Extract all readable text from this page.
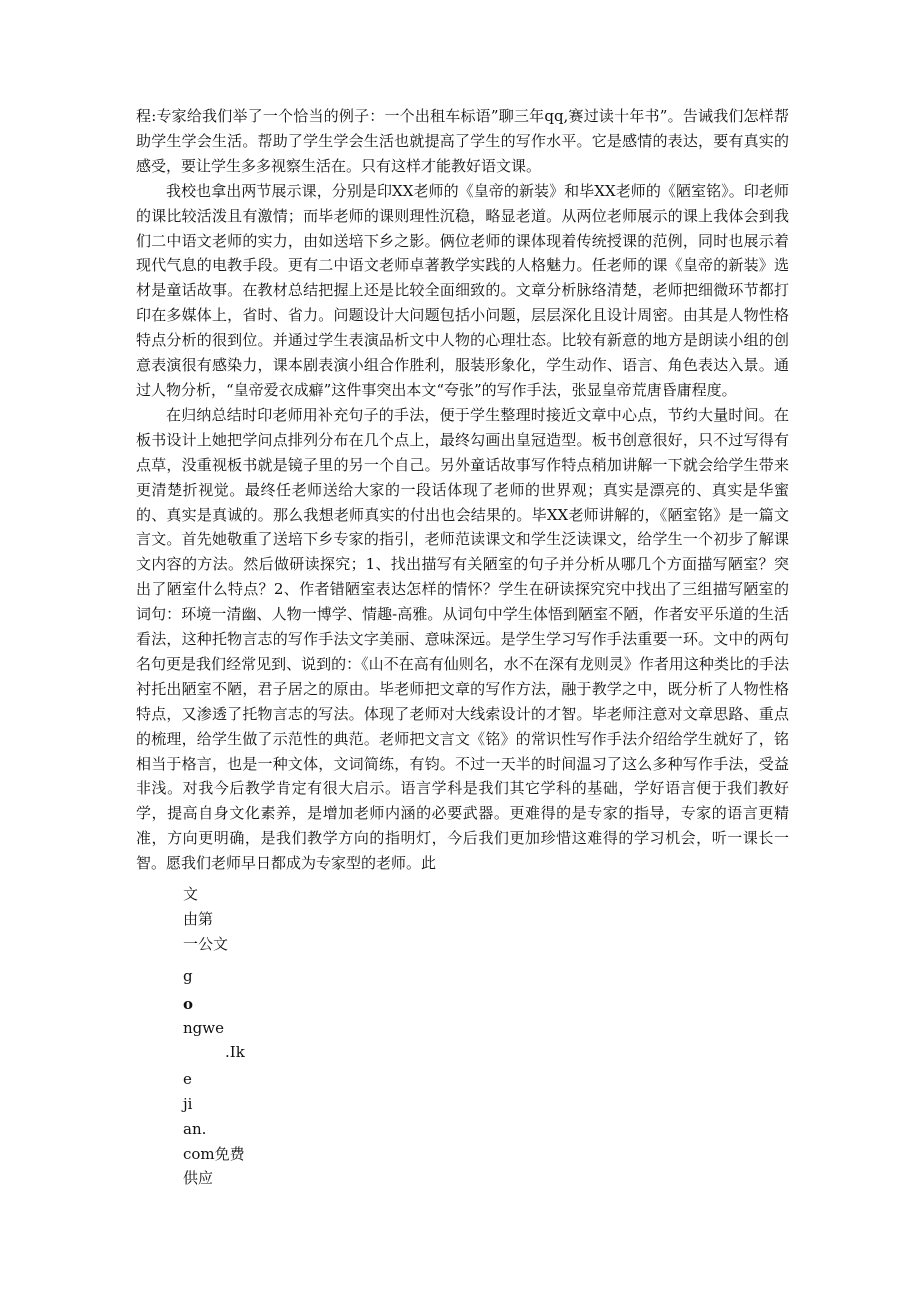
程:专家给我们举了一个恰当的例子：一个出租车标语”聊三年qq,赛过读十年书”。告诫我们怎样帮助学生学会生活。帮助了学生学会生活也就提高了学生的写作水平。它是感情的表达，要有真实的感受，要让学生多多视察生活在。只有这样才能教好语文课。

我校也拿出两节展示课，分别是印XX老师的《皇帝的新装》和毕XX老师的《陋室铭》。印老师的课比较活泼且有激情；而毕老师的课则理性沉稳，略显老道。从两位老师展示的课上我体会到我们二中语文老师的实力，由如送培下乡之影。俩位老师的课体现着传统授课的范例，同时也展示着现代气息的电教手段。更有二中语文老师卓著教学实践的人格魅力。任老师的课《皇帝的新装》选材是童话故事。在教材总结把握上还是比较全面细致的。文章分析脉络清楚，老师把细微环节都打印在多媒体上，省时、省力。问题设计大问题包括小问题，层层深化且设计周密。由其是人物性格特点分析的很到位。并通过学生表演品析文中人物的心理壮态。比较有新意的地方是朗读小组的创意表演很有感染力，课本剧表演小组合作胜利，服装形象化，学生动作、语言、角色表达入景。通过人物分析，“皇帝爱衣成癖”这件事突出本文“夸张”的写作手法，张显皇帝荒唐昏庸程度。

在归纳总结时印老师用补充句子的手法，便于学生整理时接近文章中心点，节约大量时间。在板书设计上她把学问点排列分布在几个点上，最终勾画出皇冠造型。板书创意很好，只不过写得有点草，没重视板书就是镜子里的另一个自己。另外童话故事写作特点稍加讲解一下就会给学生带来更清楚折视觉。最终任老师送给大家的一段话体现了老师的世界观；真实是漂亮的、真实是华蜜的、真实是真诚的。那么我想老师真实的付出也会结果的。毕XX老师讲解的，《陋室铭》是一篇文言文。首先她敬重了送培下乡专家的指引，老师范读课文和学生泛读课文，给学生一个初步了解课文内容的方法。然后做研读探究；1、找出描写有关陋室的句子并分析从哪几个方面描写陋室？突出了陋室什么特点？2、作者错陋室表达怎样的情怀？学生在研读探究究中找出了三组描写陋室的词句：环境一清幽、人物一博学、情趣-高雅。从词句中学生体悟到陋室不陋，作者安平乐道的生活看法，这种托物言志的写作手法文字美丽、意味深远。是学生学习写作手法重要一环。文中的两句名句更是我们经常见到、说到的：《山不在高有仙则名，水不在深有龙则灵》作者用这种类比的手法衬托出陋室不陋，君子居之的原由。毕老师把文章的写作方法，融于教学之中，既分析了人物性格特点，又渗透了托物言志的写法。体现了老师对大线索设计的才智。毕老师注意对文章思路、重点的梳理，给学生做了示范性的典范。老师把文言文《铭》的常识性写作手法介绍给学生就好了，铭相当于格言，也是一种文体，文词简练，有钧。不过一天半的时间温习了这么多种写作手法，受益非浅。对我今后教学肯定有很大启示。语言学科是我们其它学科的基础，学好语言便于我们教好学，提高自身文化素养，是增加老师内涵的必要武器。更难得的是专家的指导，专家的语言更精准，方向更明确，是我们教学方向的指明灯，今后我们更加珍惜这难得的学习机会，听一课长一智。愿我们老师早日都成为专家型的老师。此

文

由第

一公文

g

o

ngwe

.Ik

e

ji

an.

com免费

供应
